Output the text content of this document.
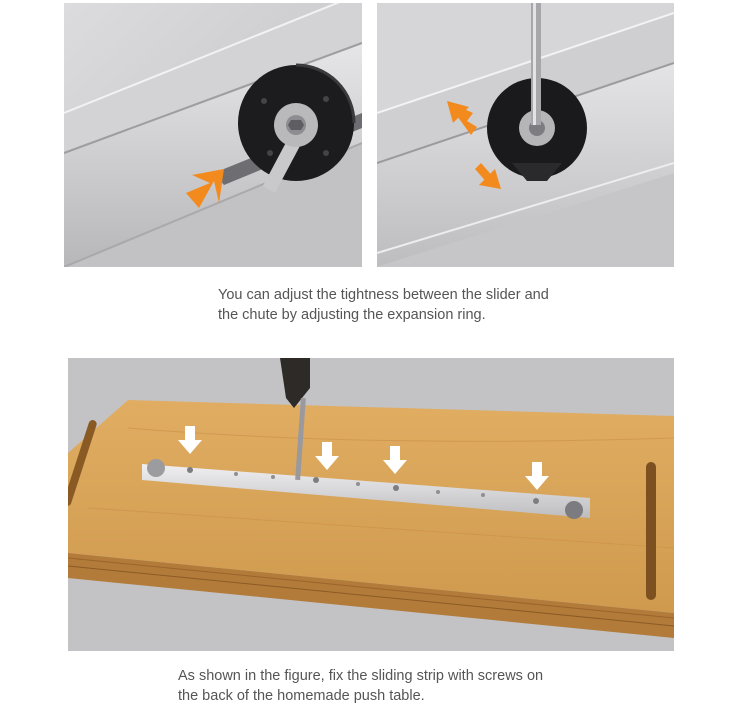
You can adjust the tightness between the slider and
the chute by adjusting the expansion ring.

As shown in the figure, fix the sliding strip with screws on
the back of the homemade push table.
